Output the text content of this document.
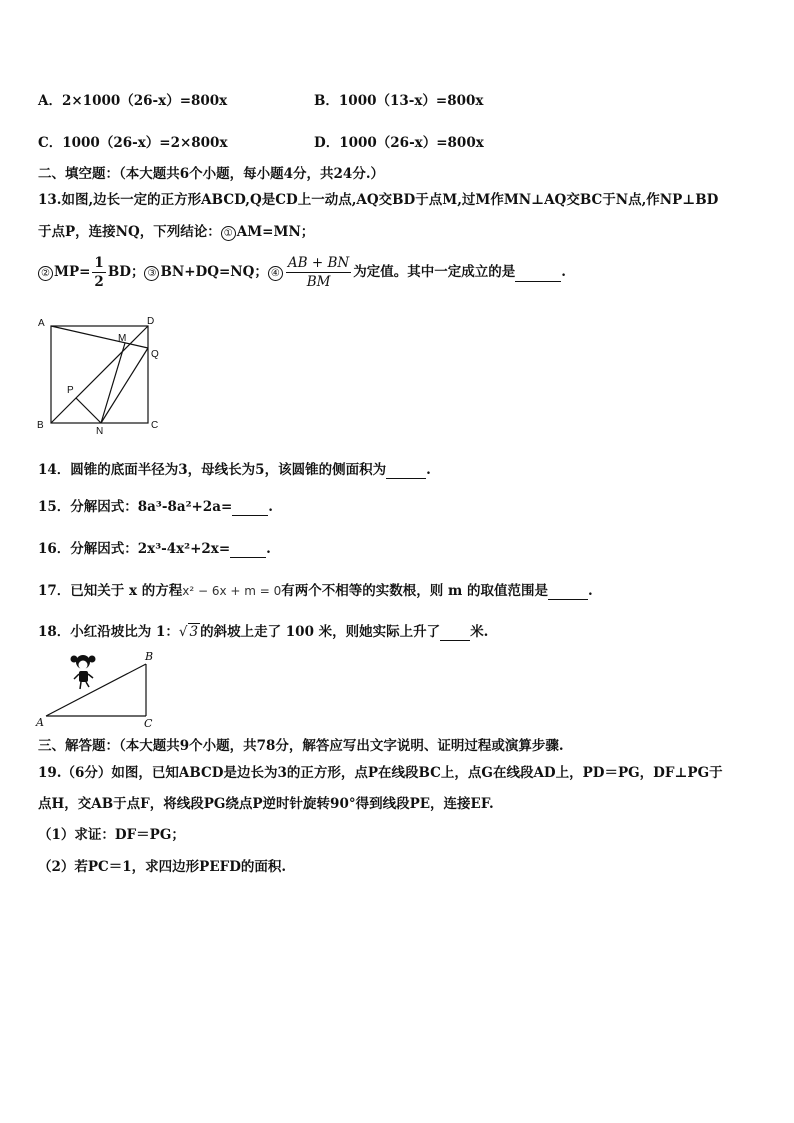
A．2×1000（26-x）=800x	B．1000（13-x）=800x
C．1000（26-x）=2×800x	D．1000（26-x）=800x
二、填空题：（本大题共6个小题，每小题4分，共24分.）
13.如图,边长一定的正方形ABCD,Q是CD上一动点,AQ交BD于点M,过M作MN⊥AQ交BC于N点,作NP⊥BD
于点P，连接NQ，下列结论： ① AM=MN；
② $MP= \frac{1}{2}$ BD； ③ BN+DQ=NQ； ④ $\frac{AB + BN}{BM}$ 为定值。其中一定成立的是	.
A	D
M
Q
P
B
N
C
14．圆锥的底面半径为3，母线长为5，该圆锥的侧面积为	.
15．分解因式：8a³-8a²+2a=	.
16．分解因式：2x³-4x²+2x=	.
17．已知关于 x 的方程x² − 6x + m = 0有两个不相等的实数根，则 m 的取值范围是	.
18．小红沿坡比为 1：√ 3 的斜坡上走了 100 米，则她实际上升了 米.
A
B
C
三、解答题：（本大题共9个小题，共78分，解答应写出文字说明、证明过程或演算步骤.
19.（6分）如图，已知ABCD是边长为3的正方形，点P在线段BC上，点G在线段AD上，PD＝PG，DF⊥PG于
点H，交AB于点F，将线段PG绕点P逆时针旋转90°得到线段PE，连接EF.
（1）求证：DF＝PG；
（2）若PC＝1，求四边形PEFD的面积.
